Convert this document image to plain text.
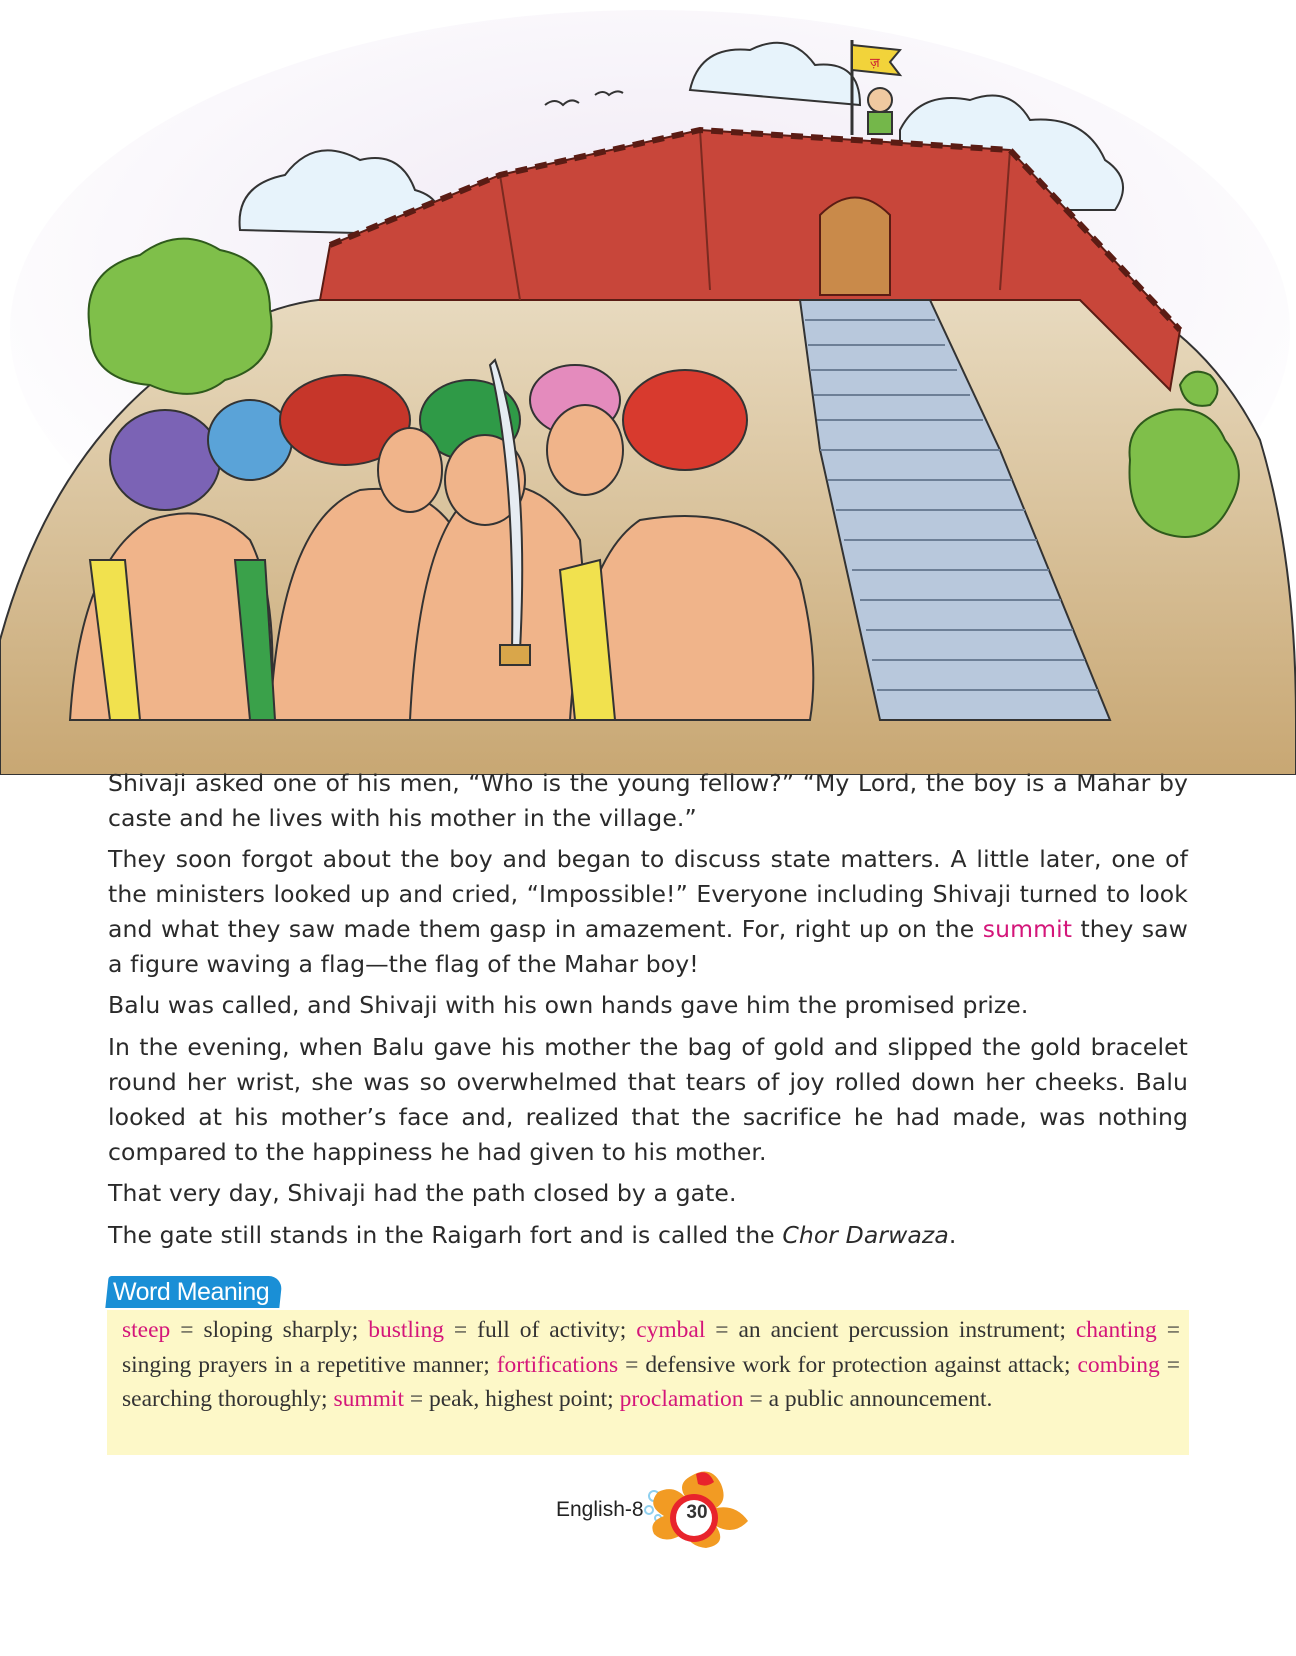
ज़

Shivaji asked one of his men, “Who is the young fellow?” “My Lord, the boy is a Mahar by caste and he lives with his mother in the village.”

They soon forgot about the boy and began to discuss state matters. A little later, one of the ministers looked up and cried, “Impossible!” Everyone including Shivaji turned to look and what they saw made them gasp in amazement. For, right up on the summit they saw a figure waving a flag—the flag of the Mahar boy!

Balu was called, and Shivaji with his own hands gave him the promised prize.

In the evening, when Balu gave his mother the bag of gold and slipped the gold bracelet round her wrist, she was so overwhelmed that tears of joy rolled down her cheeks. Balu looked at his mother’s face and, realized that the sacrifice he had made, was nothing compared to the happiness he had given to his mother.

That very day, Shivaji had the path closed by a gate.

The gate still stands in the Raigarh fort and is called the Chor Darwaza.

Word Meaning
steep = sloping sharply; bustling = full of activity; cymbal = an ancient percussion instrument; chanting = singing prayers in a repetitive manner; fortifications = defensive work for protection against attack; combing = searching thoroughly; summit = peak, highest point; proclamation = a public announcement.
English-8	30
